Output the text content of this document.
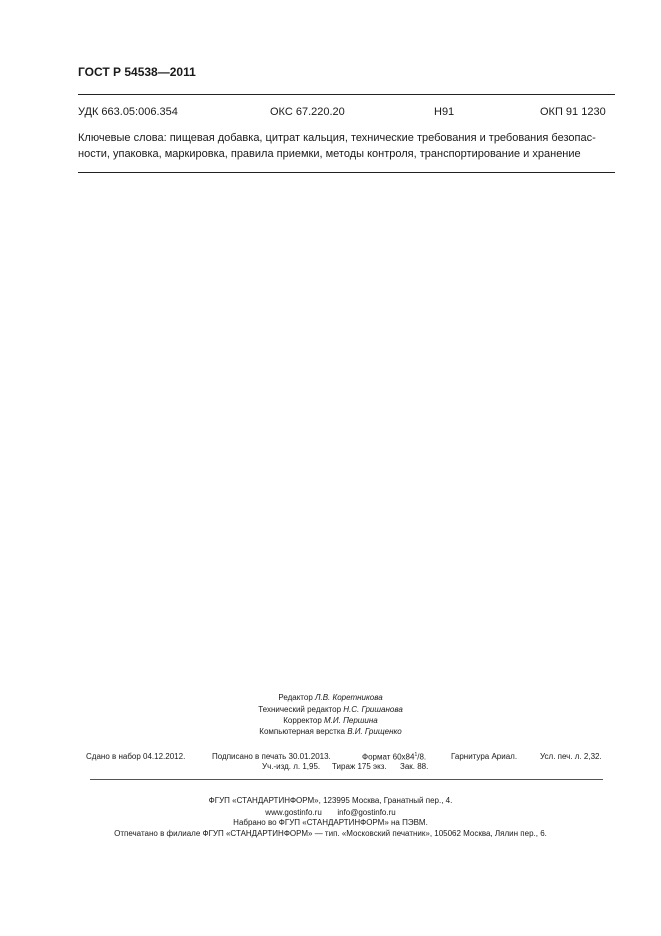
ГОСТ Р 54538—2011
УДК 663.05:006.354	ОКС 67.220.20	Н91	ОКП 91 1230
Ключевые слова: пищевая добавка, цитрат кальция, технические требования и требования безопас-
ности, упаковка, маркировка, правила приемки, методы контроля, транспортирование и хранение
Редактор Л.В. Коретникова
Технический редактор Н.С. Гришанова
Корректор М.И. Першина
Компьютерная верстка В.И. Грищенко
Сдано в набор 04.12.2012.	Подписано в печать 30.01.2013.	Формат $60x84^1/8$.	Гарнитура Ариал.	Усл. печ. л. 2,32.
Уч.-изд. л. 1,95. Тираж 175 экз. Зак. 88.
ФГУП «СТАНДАРТИНФОРМ», 123995 Москва, Гранатный пер., 4.
www.gostinfo.ru info@gostinfo.ru
Набрано во ФГУП «СТАНДАРТИНФОРМ» на ПЭВМ.
Отпечатано в филиале ФГУП «СТАНДАРТИНФОРМ» — тип. «Московский печатник», 105062 Москва, Лялин пер., 6.
